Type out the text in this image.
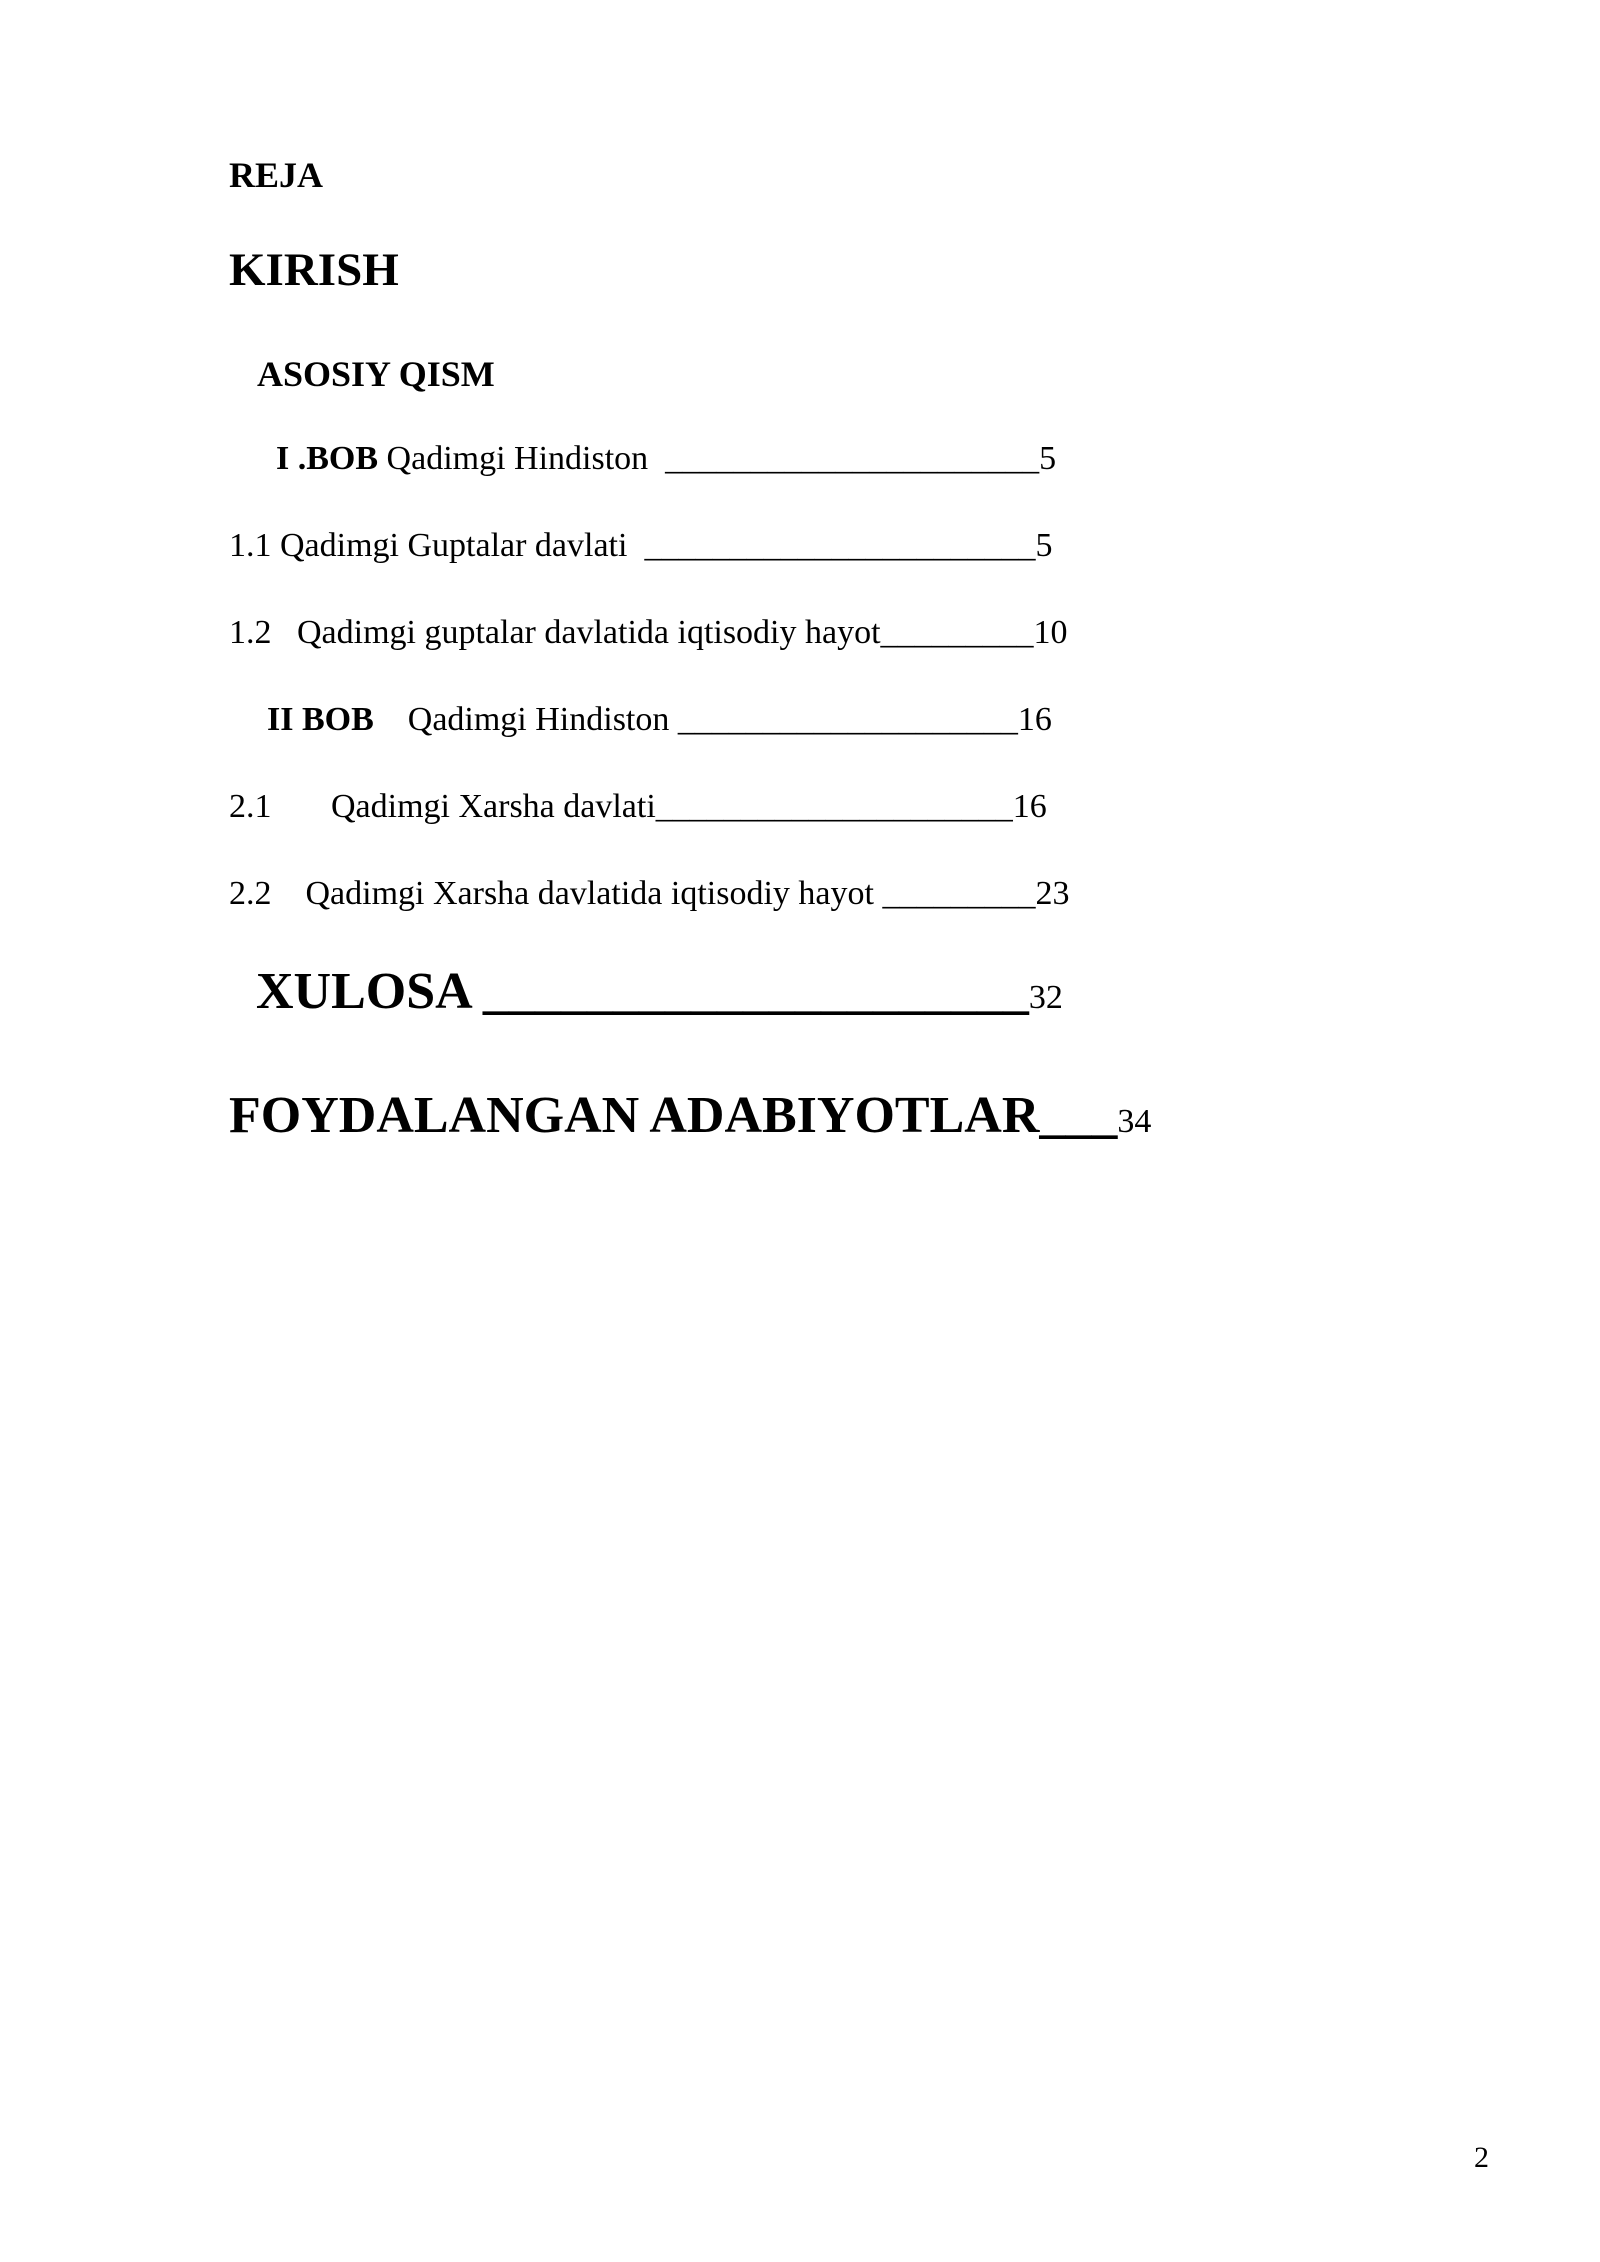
REJA
KIRISH
ASOSIY QISM
I .BOB Qadimgi Hindiston  ______________________5
1.1 Qadimgi Guptalar davlati  _______________________5
1.2   Qadimgi guptalar davlatida iqtisodiy hayot_________10
II BOB    Qadimgi Hindiston ____________________16
2.1       Qadimgi Xarsha davlati_____________________16
2.2    Qadimgi Xarsha davlatida iqtisodiy hayot _________23
XULOSA _____________________32
FOYDALANGAN ADABIYOTLAR___34
2
